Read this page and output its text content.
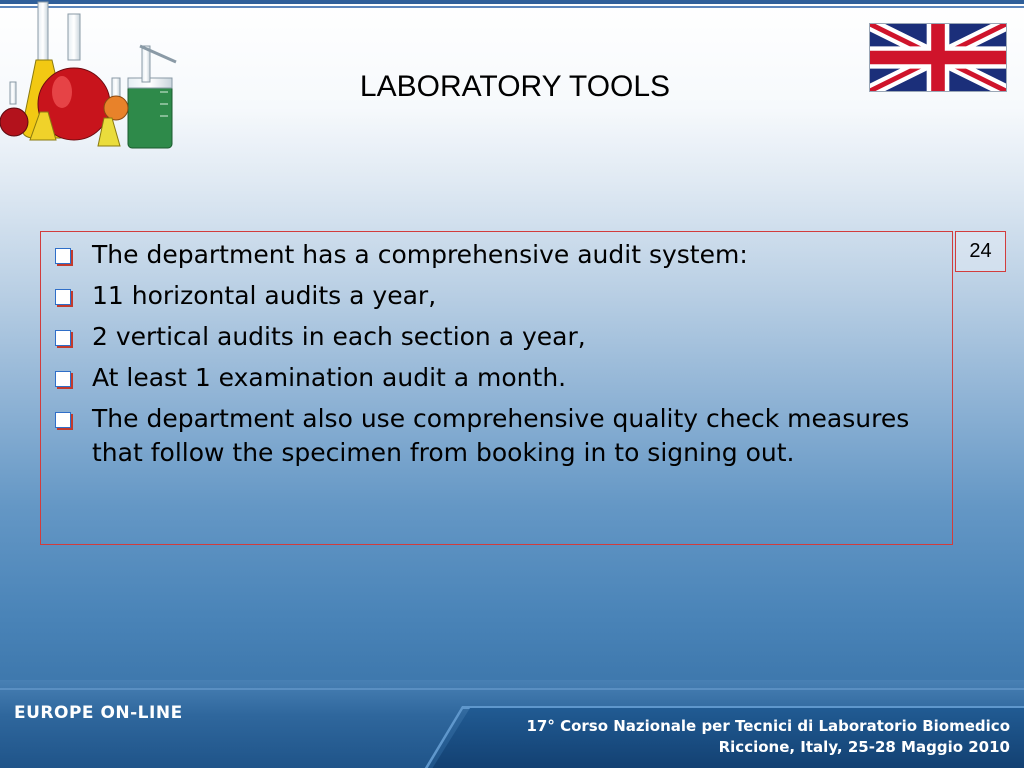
LABORATORY TOOLS
24
The department has a comprehensive audit system:
11 horizontal audits a year,
2 vertical audits in each section a year,
At least 1 examination audit a month.
The department also use comprehensive quality check measures that follow the specimen from booking in to signing out.
EUROPE ON-LINE
17° Corso Nazionale per Tecnici di Laboratorio Biomedico
Riccione, Italy, 25-28 Maggio 2010
